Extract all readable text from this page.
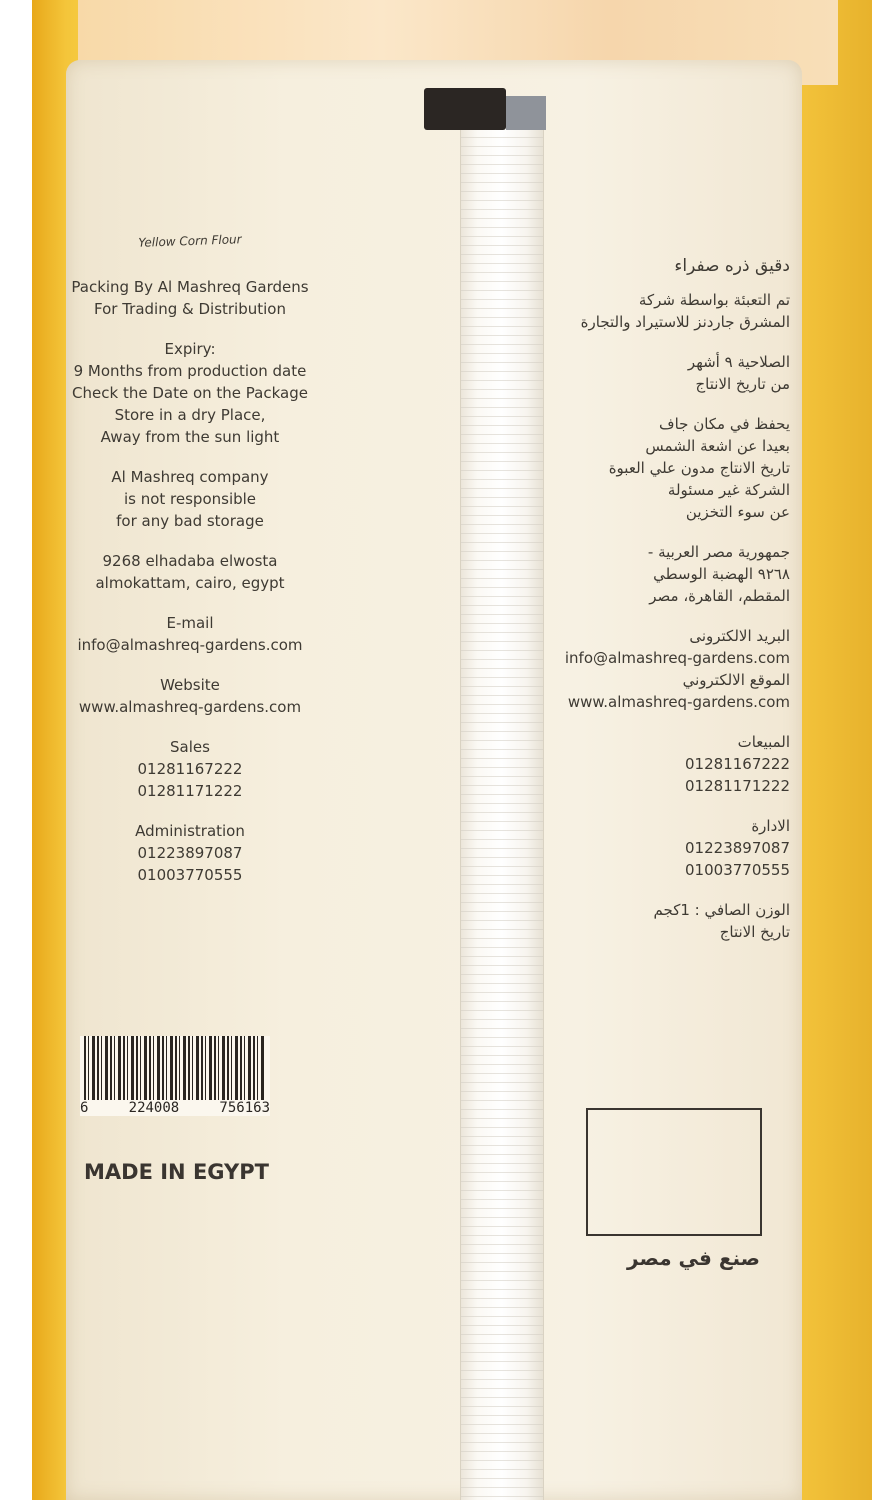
Yellow Corn Flour
Packing By Al Mashreq Gardens
For Trading & Distribution
Expiry:
9 Months from production date
Check the Date on the Package
Store in a dry Place,
Away from the sun light
Al Mashreq company
is not responsible
for any bad storage
9268 elhadaba elwosta
almokattam, cairo, egypt
E-mail
info@almashreq-gardens.com
Website
www.almashreq-gardens.com
Sales
01281167222
01281171222
Administration
01223897087
01003770555
دقيق ذره صفراء
تم التعبئة بواسطة شركة
المشرق جاردنز للاستيراد والتجارة
الصلاحية ٩ أشهر
من تاريخ الانتاج
يحفظ في مكان جاف
بعيدا عن اشعة الشمس
تاريخ الانتاج مدون علي العبوة
الشركة غير مسئولة
عن سوء التخزين
جمهورية مصر العربية -
٩٢٦٨ الهضبة الوسطي
المقطم، القاهرة، مصر
البريد الالكترونى
info@almashreq-gardens.com
الموقع الالكتروني
www.almashreq-gardens.com
المبيعات
01281167222
01281171222
الادارة
01223897087
01003770555
الوزن الصافي : 1كجم
تاريخ الانتاج
6	224008	756163
MADE IN EGYPT
صنع في مصر
